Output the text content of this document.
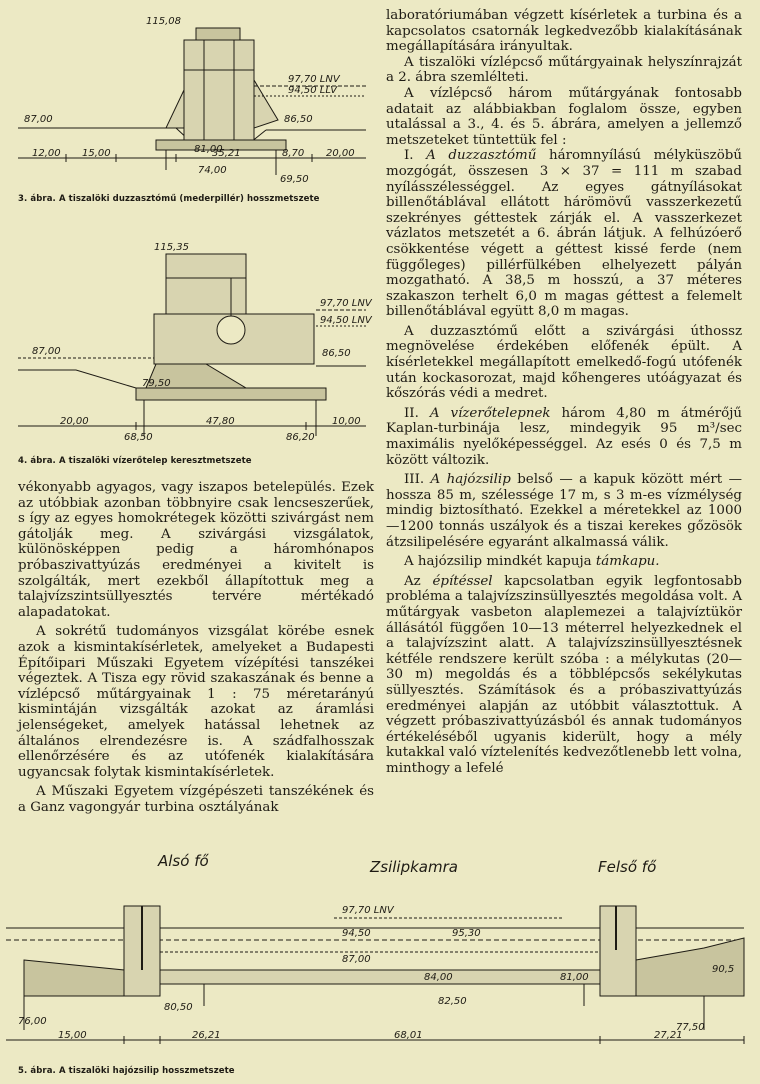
115,08
97,70 LNV
94,50 LLV
87,00	86,50
81,00
74,00
69,50
12,00 15,00	35,21	8,70 20,00
3. ábra. A tiszalöki duzzasztómű (mederpillér) hosszmetszete
115,35
97,70 LNV
94,50 LNV
87,00	86,50
79,50
68,50	86,20
20,00	47,80	10,00
4. ábra. A tiszalöki vízerőtelep keresztmetszete

vékonyabb agyagos, vagy iszapos betelepülés. Ezek az utóbbiak azonban többnyire csak lencseszerűek, s így az egyes homokrétegek közötti szivárgást nem gátolják meg. A szivárgási vizsgálatok, különösképpen pedig a háromhónapos próbaszivattyúzás eredményei a kivitelt is szolgálták, mert ezekből állapítottuk meg a talajvízszintsüllyesztés tervére mértékadó alapadatokat.

A sokrétű tudományos vizsgálat körébe esnek azok a kismintakísérletek, amelyeket a Budapesti Építőipari Műszaki Egyetem vízépítési tanszékei végeztek. A Tisza egy rövid szakaszának és benne a vízlépcső műtárgyainak 1 : 75 méretarányú kismintáján vizsgálták azokat az áramlási jelenségeket, amelyek hatással lehetnek az általános elrendezésre is. A szádfalhosszak ellenőrzésére és az utófenék kialakítására ugyancsak folytak kismintakísérletek.

A Műszaki Egyetem vízgépészeti tanszékének és a Ganz vagongyár turbina osztályának

laboratóriumában végzett kísérletek a turbina és a kapcsolatos csatornák legkedvezőbb kialakításának megállapítására irányultak.

A tiszalöki vízlépcső műtárgyainak helyszínrajzát a 2. ábra szemlélteti.

A vízlépcső három műtárgyának fontosabb adatait az alábbiakban foglalom össze, egyben utalással a 3., 4. és 5. ábrára, amelyen a jellemző metszeteket tüntettük fel :

I. A duzzasztómű háromnyílású mélyküszöbű mozgógát, összesen 3 × 37 = 111 m szabad nyílásszélességgel. Az egyes gátnyílásokat billenőtáblával ellátott hárömövű vasszerkezetű szekrényes géttestek zárják el. A vasszerkezet vázlatos metszetét a 6. ábrán látjuk. A felhúzóerő csökkentése végett a géttest kissé ferde (nem függőleges) pillérfülkében elhelyezett pályán mozgatható. A 38,5 m hosszú, a 37 méteres szakaszon terhelt 6,0 m magas géttest a felemelt billenőtáblával együtt 8,0 m magas.

A duzzasztómű előtt a szivárgási úthossz megnövelése érdekében előfenék épült. A kísérletekkel megállapított emelkedő-fogú utófenék után kockasorozat, majd kőhengeres utóágyazat és kőszórás védi a medret.

II. A vízerőtelepnek három 4,80 m átmérőjű Kaplan-turbinája lesz, mindegyik 95 m³/sec maximális nyelőképességgel. Az esés 0 és 7,5 m között változik.

III. A hajózsilip belső — a kapuk között mért — hossza 85 m, szélessége 17 m, s 3 m-es vízmélység mindig biztosítható. Ezekkel a méretekkel az 1000—1200 tonnás uszályok és a tiszai kerekes gőzösök átzsilipelésére egyaránt alkalmassá válik.

A hajózsilip mindkét kapuja támkapu.

Az építéssel kapcsolatban egyik legfontosabb probléma a talajvízszinsüllyesztés megoldása volt. A műtárgyak vasbeton alaplemezei a talajvíztükör állásától függően 10—13 méterrel helyezkednek el a talajvízszint alatt. A talajvízszinsüllyesztésnek kétféle rendszere került szóba : a mélykutas (20—30 m) megoldás és a többlépcsős sekélykutas süllyesztés. Számítások és a próbaszivattyúzás eredményei alapján az utóbbit választottuk. A végzett próbaszivattyúzásból és annak tudományos értékeléséből ugyanis kiderült, hogy a mély kutakkal való víztelenítés kedvezőtlenebb lett volna, minthogy a lefelé

Alsó fő	Zsilipkamra	Felső fő
97,70 LNV
94,50	95,30
87,00
84,00	81,00
80,50
82,50
76,00
90,5
77,50
15,00	26,21	68,01	27,21
5. ábra. A tiszalöki hajózsilip hosszmetszete
